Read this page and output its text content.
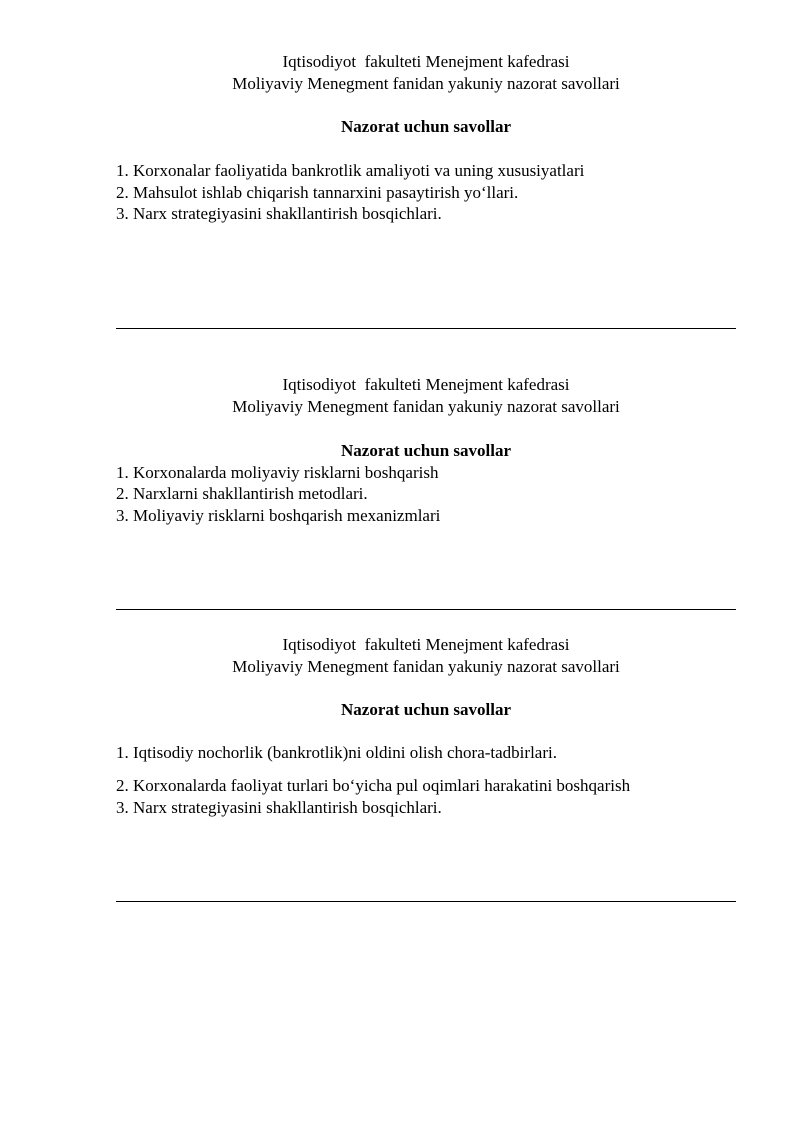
Iqtisodiyot  fakulteti Menejment kafedrasi
Moliyaviy Menegment fanidan yakuniy nazorat savollari
Nazorat uchun savollar
1. Korxonalar faoliyatida bankrotlik amaliyoti va uning xususiyatlari
2. Mahsulot ishlab chiqarish tannarxini pasaytirish yo‘llari.
3. Narx strategiyasini shakllantirish bosqichlari.
Iqtisodiyot  fakulteti Menejment kafedrasi
Moliyaviy Menegment fanidan yakuniy nazorat savollari
Nazorat uchun savollar
1. Korxonalarda moliyaviy risklarni boshqarish
2. Narxlarni shakllantirish metodlari.
3. Moliyaviy risklarni boshqarish mexanizmlari
Iqtisodiyot  fakulteti Menejment kafedrasi
Moliyaviy Menegment fanidan yakuniy nazorat savollari
Nazorat uchun savollar
1. Iqtisodiy nochorlik (bankrotlik)ni oldini olish chora-tadbirlari.
2. Korxonalarda faoliyat turlari bo‘yicha pul oqimlari harakatini boshqarish
3. Narx strategiyasini shakllantirish bosqichlari.
